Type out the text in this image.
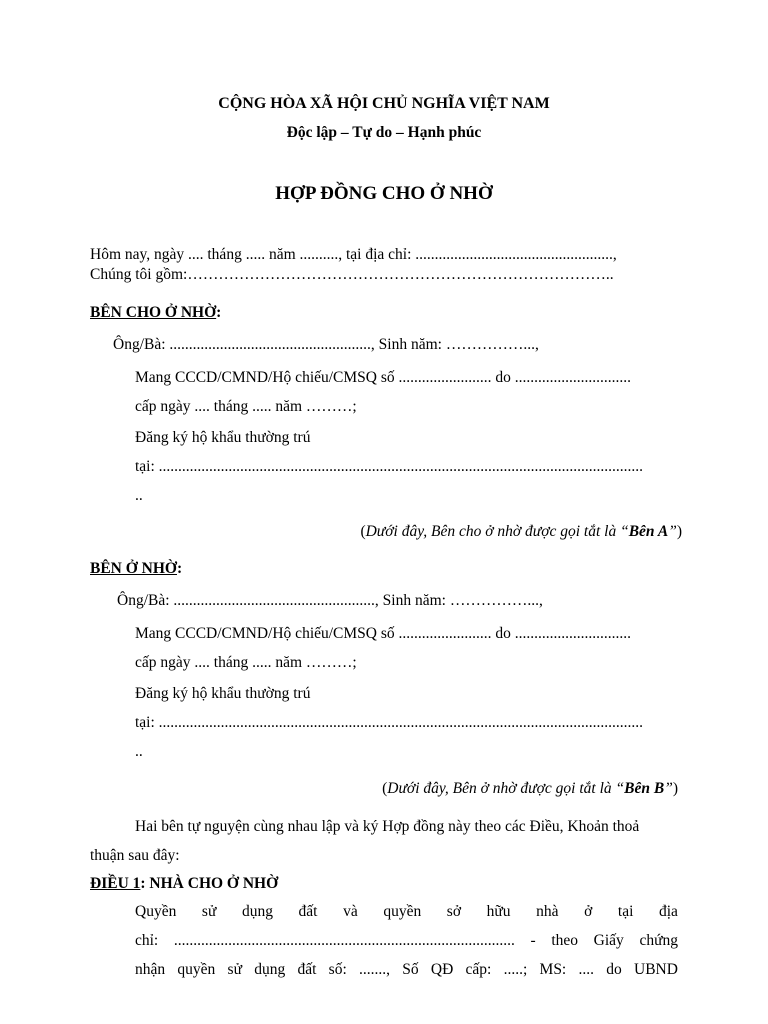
CỘNG HÒA XÃ HỘI CHỦ NGHĨA VIỆT NAM
Độc lập – Tự do – Hạnh phúc
HỢP ĐỒNG CHO Ở NHỜ
Hôm nay, ngày .... tháng ..... năm .........., tại địa chỉ: ...................................................,
Chúng tôi gồm:………………………………………………………………………..
BÊN CHO Ở NHỜ:
Ông/Bà: ...................................................., Sinh năm: ……………...,
Mang CCCD/CMND/Hộ chiếu/CMSQ số ........................ do ..............................
cấp ngày .... tháng ..... năm ………;
Đăng ký hộ khẩu thường trú
tại: .............................................................................................................................
..
(Dưới đây, Bên cho ở nhờ được gọi tắt là “Bên A”)
BÊN Ở NHỜ:
Ông/Bà: ...................................................., Sinh năm: ……………...,
Mang CCCD/CMND/Hộ chiếu/CMSQ số ........................ do ..............................
cấp ngày .... tháng ..... năm ………;
Đăng ký hộ khẩu thường trú
tại: .............................................................................................................................
..
(Dưới đây, Bên ở nhờ được gọi tắt là “Bên B”)
Hai bên tự nguyện cùng nhau lập và ký Hợp đồng này theo các Điều, Khoản thoả
thuận sau đây:
ĐIỀU 1: NHÀ CHO Ở NHỜ
Quyền sử dụng đất và quyền sở hữu nhà ở tại địa
chỉ: ........................................................................................ - theo Giấy chứng
nhận quyền sử dụng đất số: ......., Số QĐ cấp: .....; MS: .... do UBND
